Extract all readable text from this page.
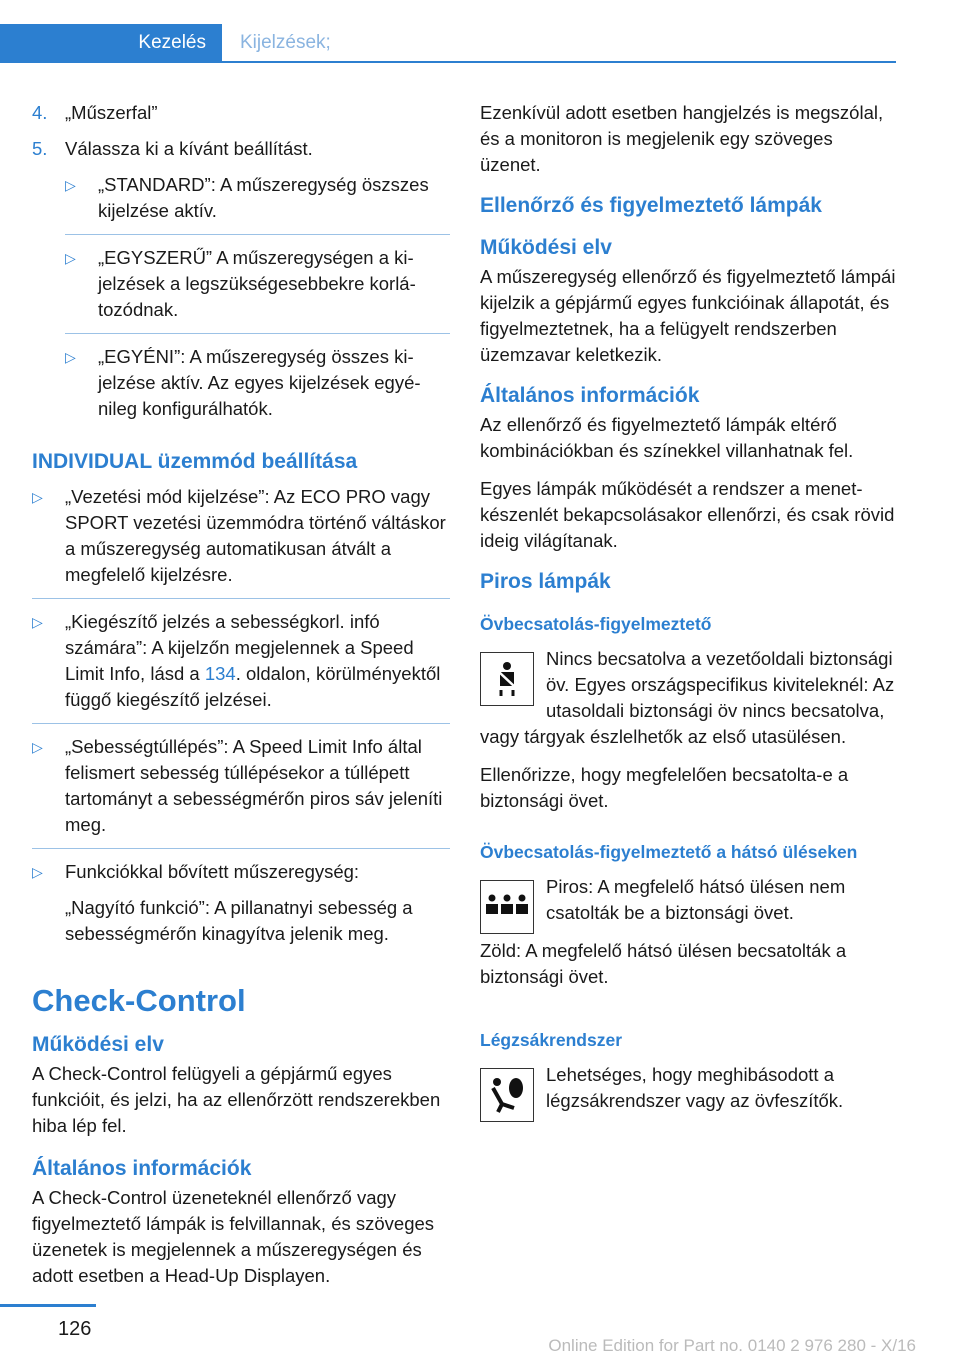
Kezelés	Kijelzések;
4. „Műszerfal”
5. Válassza ki a kívánt beállítást.
▷	„STANDARD”: A műszeregység öszszes kijelzése aktív.
▷	„EGYSZERŰ” A műszeregységen a kijelzések a legszükségesebbekre korlátozódnak.
▷	„EGYÉNI”: A műszeregység összes kijelzése aktív. Az egyes kijelzések egyénileg konfigurálhatók.
INDIVIDUAL üzemmód beállítása
▷	„Vezetési mód kijelzése”: Az ECO PRO vagy SPORT vezetési üzemmódra történő váltáskor a műszeregység automatikusan átvált a megfelelő kijelzésre.
▷	„Kiegészítő jelzés a sebességkorl. infó számára”: A kijelzőn megjelennek a Speed Limit Info, lásd a 134. oldalon, körülményektől függő kiegészítő jelzései.
▷	„Sebességtúllépés”: A Speed Limit Info által felismert sebesség túllépésekor a túllépett tartományt a sebességmérőn piros sáv jeleníti meg.
▷	Funkciókkal bővített műszeregység:

„Nagyító funkció”: A pillanatnyi sebesség a sebességmérőn kinagyítva jelenik meg.
Check-Control
Működési elv

A Check-Control felügyeli a gépjármű egyes funkcióit, és jelzi, ha az ellenőrzött rendszerekben hiba lép fel.

Általános információk

A Check-Control üzeneteknél ellenőrző vagy figyelmeztető lámpák is felvillannak, és szöveges üzenetek is megjelennek a műszeregységen és adott esetben a Head-Up Displayen.

Ezenkívül adott esetben hangjelzés is megszólal, és a monitoron is megjelenik egy szöveges üzenet.

Ellenőrző és figyelmeztető lámpák
Működési elv

A műszeregység ellenőrző és figyelmeztető lámpái kijelzik a gépjármű egyes funkcióinak állapotát, és figyelmeztetnek, ha a felügyelt rendszerben üzemzavar keletkezik.

Általános információk

Az ellenőrző és figyelmeztető lámpák eltérő kombinációkban és színekkel villanhatnak fel.

Egyes lámpák működését a rendszer a menetkészenlét bekapcsolásakor ellenőrzi, és csak rövid ideig világítanak.

Piros lámpák
Övbecsatolás-figyelmeztető

Nincs becsatolva a vezetőoldali biztonsági öv. Egyes országspecifikus kiviteleknél: Az utasoldali biztonsági öv nincs becsatolva, vagy tárgyak észlelhetők az első utasülésen.

Ellenőrizze, hogy megfelelően becsatolta-e a biztonsági övet.

Övbecsatolás-figyelmeztető a hátsó üléseken

Piros: A megfelelő hátsó ülésen nem csatolták be a biztonsági övet.

Zöld: A megfelelő hátsó ülésen becsatolták a biztonsági övet.

Légzsákrendszer

Lehetséges, hogy meghibásodott a légzsákrendszer vagy az övfeszítők.

126
Online Edition for Part no. 0140 2 976 280 - X/16
